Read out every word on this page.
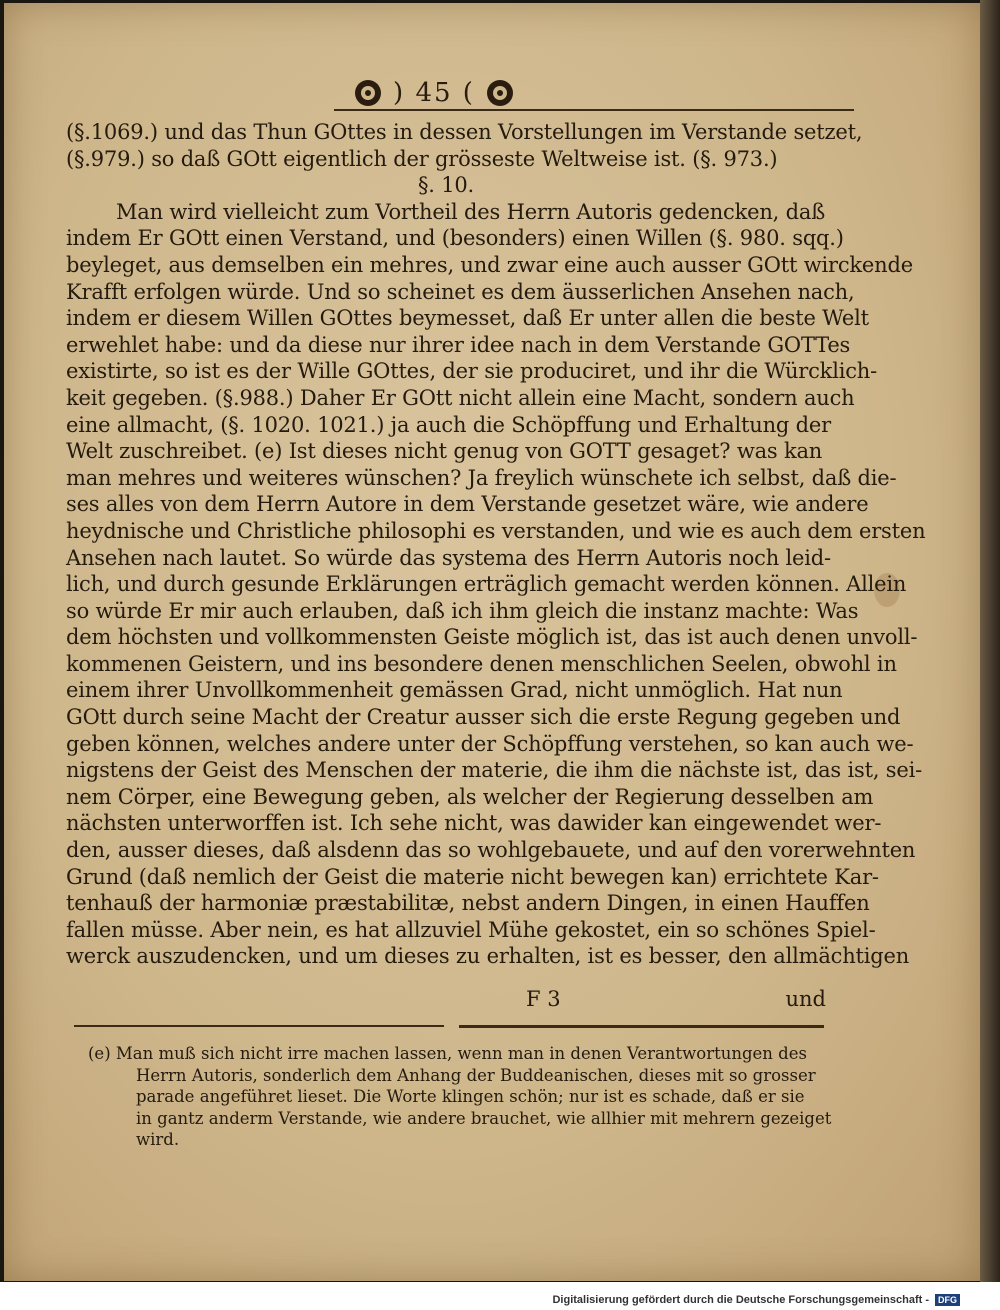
) 45 (
(§.1069.) und das Thun GOttes in dessen Vorstellungen im Verstande setzet,
(§.979.) so daß GOtt eigentlich der grösseste Weltweise ist. (§. 973.)
§. 10.
Man wird vielleicht zum Vortheil des Herrn Autoris gedencken, daß
indem Er GOtt einen Verstand, und (besonders) einen Willen (§. 980. sqq.)
beyleget, aus demselben ein mehres, und zwar eine auch ausser GOtt wirckende
Krafft erfolgen würde. Und so scheinet es dem äusserlichen Ansehen nach,
indem er diesem Willen GOttes beymesset, daß Er unter allen die beste Welt
erwehlet habe: und da diese nur ihrer idee nach in dem Verstande GOTTes
existirte, so ist es der Wille GOttes, der sie produciret, und ihr die Würcklich-
keit gegeben. (§.988.) Daher Er GOtt nicht allein eine Macht, sondern auch
eine allmacht, (§. 1020. 1021.) ja auch die Schöpffung und Erhaltung der
Welt zuschreibet. (e) Ist dieses nicht genug von GOTT gesaget? was kan
man mehres und weiteres wünschen? Ja freylich wünschete ich selbst, daß die-
ses alles von dem Herrn Autore in dem Verstande gesetzet wäre, wie andere
heydnische und Christliche philosophi es verstanden, und wie es auch dem ersten
Ansehen nach lautet. So würde das systema des Herrn Autoris noch leid-
lich, und durch gesunde Erklärungen erträglich gemacht werden können. Allein
so würde Er mir auch erlauben, daß ich ihm gleich die instanz machte: Was
dem höchsten und vollkommensten Geiste möglich ist, das ist auch denen unvoll-
kommenen Geistern, und ins besondere denen menschlichen Seelen, obwohl in
einem ihrer Unvollkommenheit gemässen Grad, nicht unmöglich. Hat nun
GOtt durch seine Macht der Creatur ausser sich die erste Regung gegeben und
geben können, welches andere unter der Schöpffung verstehen, so kan auch we-
nigstens der Geist des Menschen der materie, die ihm die nächste ist, das ist, sei-
nem Cörper, eine Bewegung geben, als welcher der Regierung desselben am
nächsten unterworffen ist. Ich sehe nicht, was dawider kan eingewendet wer-
den, ausser dieses, daß alsdenn das so wohlgebauete, und auf den vorerwehnten
Grund (daß nemlich der Geist die materie nicht bewegen kan) errichtete Kar-
tenhauß der harmoniæ præstabilitæ, nebst andern Dingen, in einen Hauffen
fallen müsse. Aber nein, es hat allzuviel Mühe gekostet, ein so schönes Spiel-
werck auszudencken, und um dieses zu erhalten, ist es besser, den allmächtigen
F 3	und
(e) Man muß sich nicht irre machen lassen, wenn man in denen Verantwortungen des
Herrn Autoris, sonderlich dem Anhang der Buddeanischen, dieses mit so grosser
parade angeführet lieset. Die Worte klingen schön; nur ist es schade, daß er sie
in gantz anderm Verstande, wie andere brauchet, wie allhier mit mehrern gezeiget
wird.
Digitalisierung gefördert durch die Deutsche Forschungsgemeinschaft -	DFG
